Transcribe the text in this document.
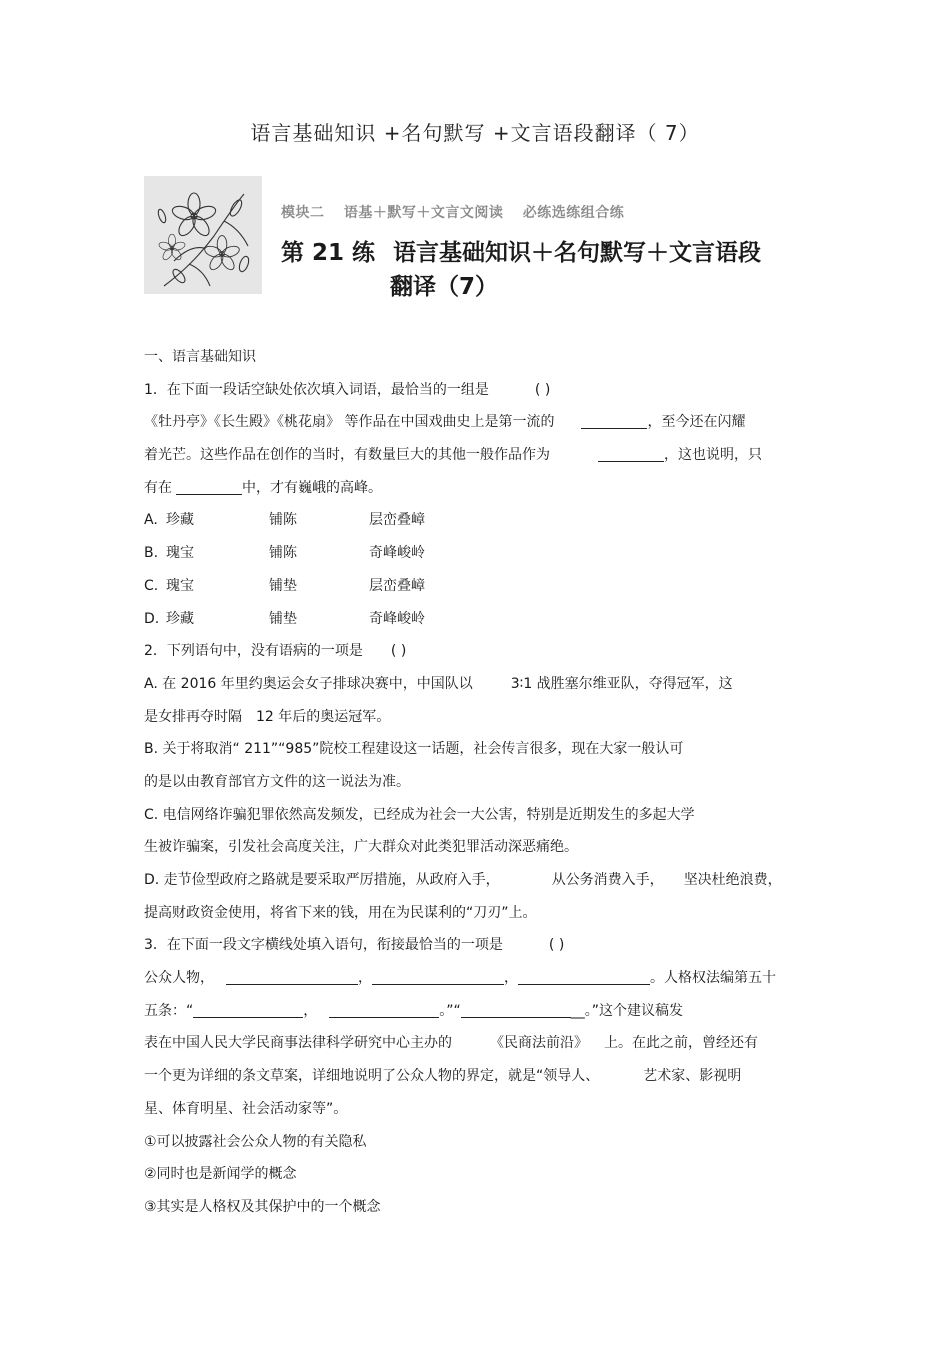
语言基础知识 +名句默写 +文言语段翻译（ 7）
模块二 语基＋默写＋文言文阅读 必练选练组合练
第 21 练 语言基础知识＋名句默写＋文言语段
翻译（7）
一、语言基础知识
1．在下面一段话空缺处依次填入词语，最恰当的一组是	( )
《牡丹亭》《长生殿》《桃花扇》 等作品在中国戏曲史上是第一流的	，至今还在闪耀
着光芒。这些作品在创作的当时，有数量巨大的其他一般作品作为	，这也说明，只
有在	中，才有巍峨的高峰。
A. 珍藏	铺陈	层峦叠嶂
B. 瑰宝	铺陈	奇峰峻岭
C. 瑰宝	铺垫	层峦叠嶂
D. 珍藏	铺垫	奇峰峻岭
2．下列语句中，没有语病的一项是 ( )
A. 在 2016 年里约奥运会女子排球决赛中，中国队以	3∶1 战胜塞尔维亚队，夺得冠军，这
是女排再夺时隔 12 年后的奥运冠军。
B. 关于将取消“ 211”“985”院校工程建设这一话题，社会传言很多，现在大家一般认可
的是以由教育部官方文件的这一说法为准。
C. 电信网络诈骗犯罪依然高发频发，已经成为社会一大公害，特别是近期发生的多起大学
生被诈骗案，引发社会高度关注，广大群众对此类犯罪活动深恶痛绝。
D. 走节俭型政府之路就是要采取严厉措施，从政府入手，	从公务消费入手， 坚决杜绝浪费，
提高财政资金使用，将省下来的钱，用在为民谋利的“刀刃”上。
3．在下面一段文字横线处填入语句，衔接最恰当的一项是	( )
公众人物，	，	，	。人格权法编第五十
五条：“	，	。”“	__。”这个建议稿发
表在中国人民大学民商事法律科学研究中心主办的	《民商法前沿》 上。在此之前，曾经还有
一个更为详细的条文草案，详细地说明了公众人物的界定，就是“领导人、	艺术家、影视明
星、体育明星、社会活动家等”。
①可以披露社会公众人物的有关隐私
②同时也是新闻学的概念
③其实是人格权及其保护中的一个概念
